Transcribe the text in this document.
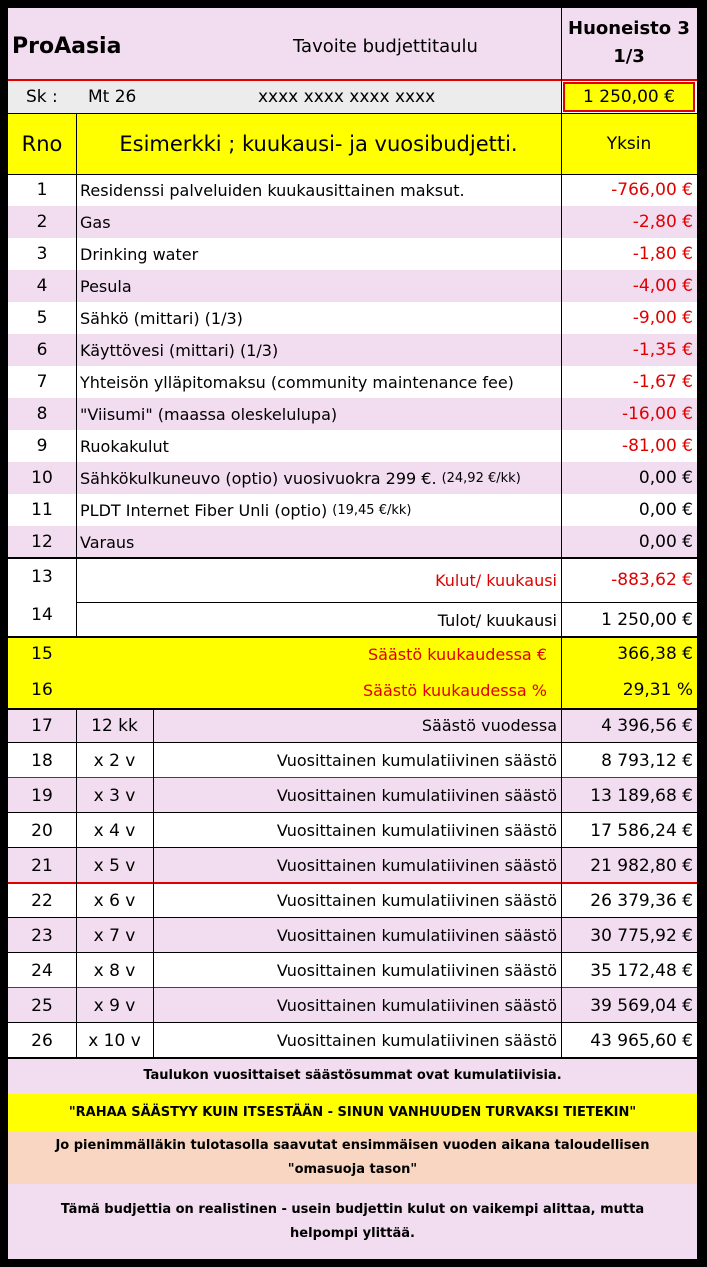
ProAasia	Tavoite budjettitaulu
Huoneisto 3
1/3
Sk :	Mt 26	xxxx xxxx xxxx xxxx	1 250,00 €
Rno	Esimerkki ; kuukausi- ja vuosibudjetti.	Yksin
1	Residenssi palveluiden kuukausittainen maksut.	-766,00 €
2	Gas	-2,80 €
3	Drinking water	-1,80 €
4	Pesula	-4,00 €
5	Sähkö (mittari) (1/3)	-9,00 €
6	Käyttövesi (mittari) (1/3)	-1,35 €
7	Yhteisön ylläpitomaksu (community maintenance fee)	-1,67 €
8	"Viisumi" (maassa oleskelulupa)	-16,00 €
9	Ruokakulut	-81,00 €
10	Sähkökulkuneuvo (optio) vuosivuokra 299 €. (24,92 €/kk)	0,00 €
11	PLDT Internet Fiber Unli (optio) (19,45 €/kk)	0,00 €
12	Varaus	0,00 €
13	Kulut/ kuukausi	-883,62 €
14	Tulot/ kuukausi	1 250,00 €
15	Säästö kuukaudessa €	366,38 €
16	Säästö kuukaudessa %	29,31 %
17	12 kk	Säästö vuodessa	4 396,56 €
18	x 2 v	Vuosittainen kumulatiivinen säästö	8 793,12 €
19	x 3 v	Vuosittainen kumulatiivinen säästö	13 189,68 €
20	x 4 v	Vuosittainen kumulatiivinen säästö	17 586,24 €
21	x 5 v	Vuosittainen kumulatiivinen säästö	21 982,80 €
22	x 6 v	Vuosittainen kumulatiivinen säästö	26 379,36 €
23	x 7 v	Vuosittainen kumulatiivinen säästö	30 775,92 €
24	x 8 v	Vuosittainen kumulatiivinen säästö	35 172,48 €
25	x 9 v	Vuosittainen kumulatiivinen säästö	39 569,04 €
26	x 10 v	Vuosittainen kumulatiivinen säästö	43 965,60 €
Taulukon vuosittaiset säästösummat ovat kumulatiivisia.
"RAHAA SÄÄSTYY KUIN ITSESTÄÄN - SINUN VANHUUDEN TURVAKSI TIETEKIN"
Jo pienimmälläkin tulotasolla saavutat ensimmäisen vuoden aikana taloudellisen
"omasuoja tason"
Tämä budjettia on realistinen - usein budjettin kulut on vaikempi alittaa, mutta
helpompi ylittää.
